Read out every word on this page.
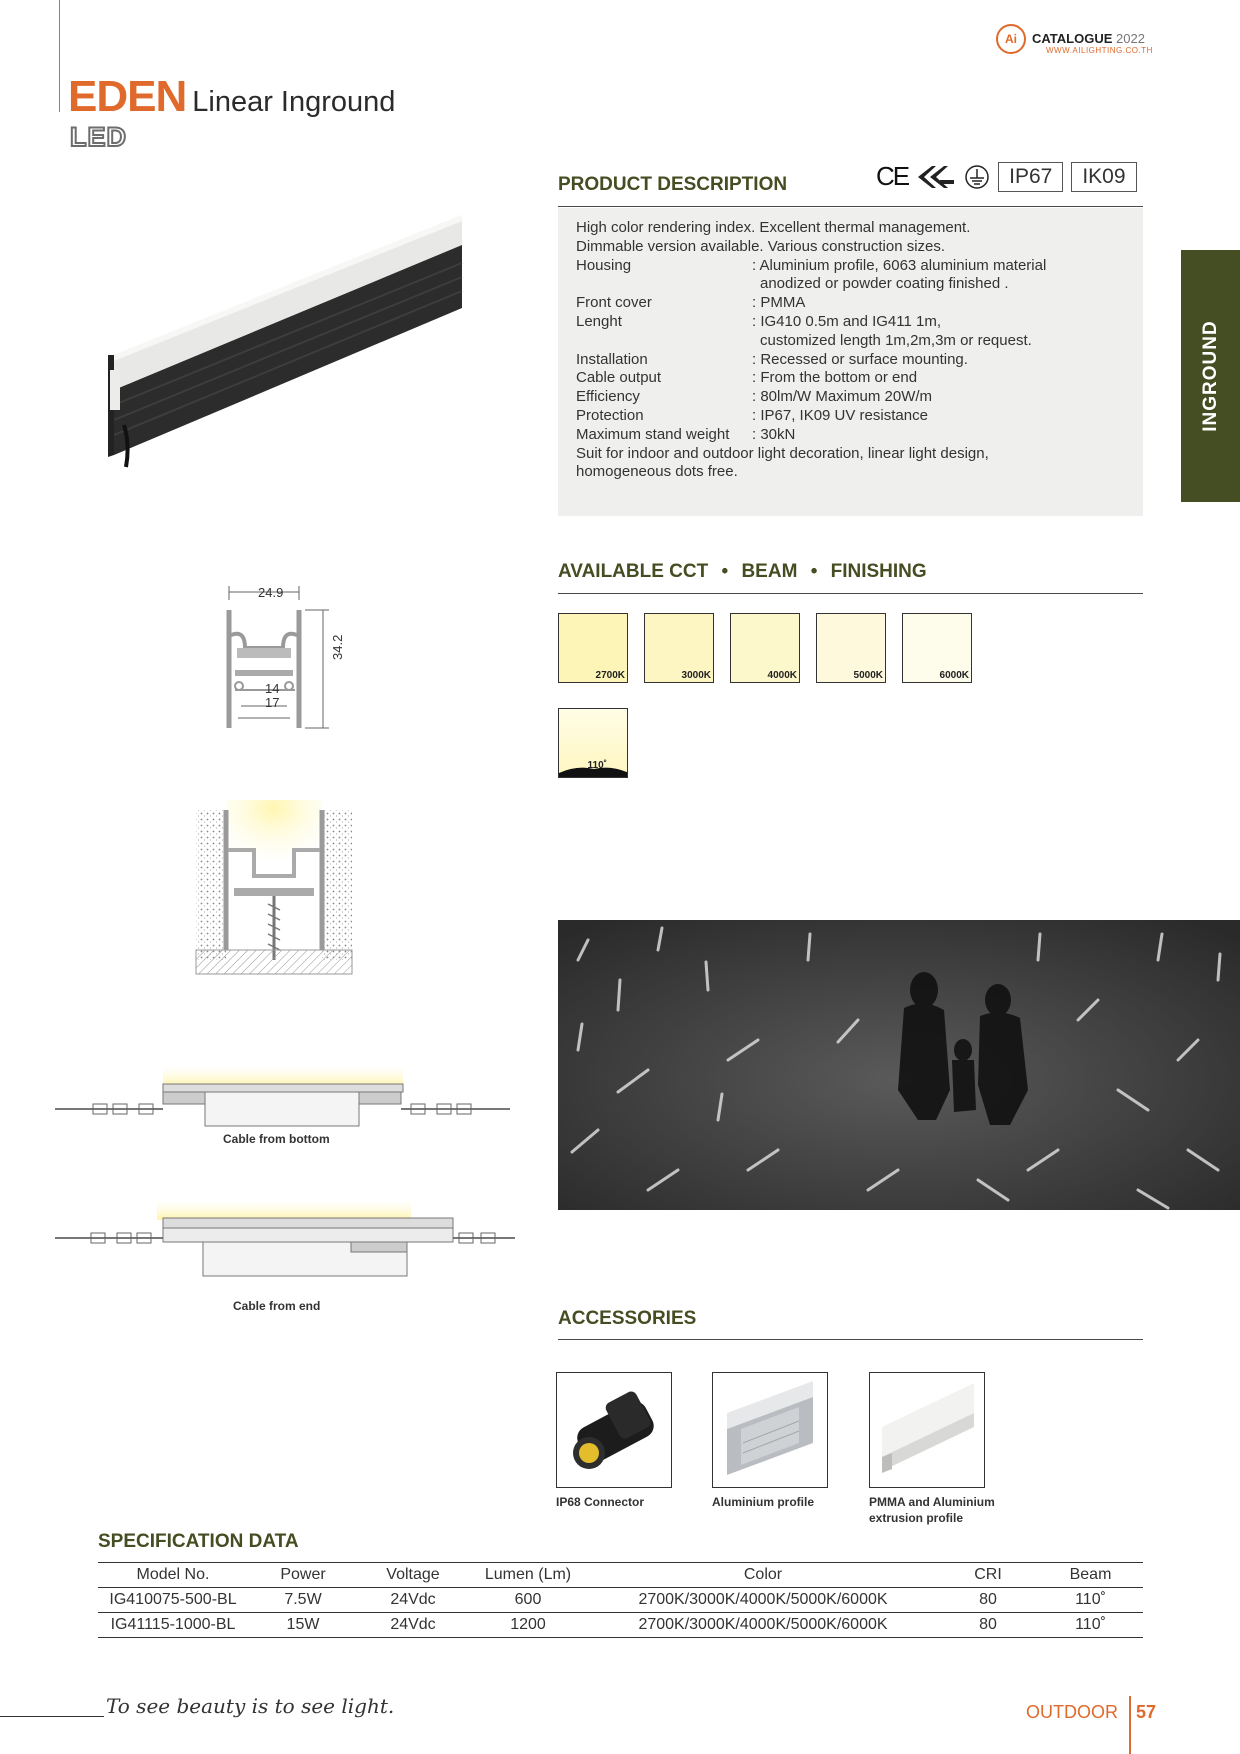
EDEN Linear Inground
LED
Ai	CATALOGUE 2022
WWW.AILIGHTING.CO.TH
INGROUND
24.9
34.2
14
17
Cable from bottom
Cable from end
PRODUCT DESCRIPTION	CE	IP67	IK09
High color rendering index. Excellent thermal management.
Dimmable version available. Various construction sizes.
Housing	: Aluminium profile, 6063 aluminium material
anodized or powder coating finished .
Front cover	: PMMA
Lenght	: IG410 0.5m and IG411 1m,
customized length 1m,2m,3m or request.
Installation	: Recessed or surface mounting.
Cable output	: From the bottom or end
Efficiency	: 80lm/W Maximum 20W/m
Protection	: IP67, IK09 UV resistance
Maximum stand weight	: 30kN
Suit for indoor and outdoor light decoration, linear light design,
homogeneous dots free.
AVAILABLE CCT • BEAM • FINISHING
2700K	3000K	4000K	5000K	6000K
110˚
ACCESSORIES
IP68 Connector	Aluminium profile	PMMA and Aluminium
extrusion profile
SPECIFICATION DATA
Model No.	Power	Voltage	Lumen (Lm)	Color	CRI	Beam
IG410075-500-BL	7.5W	24Vdc	600	2700K/3000K/4000K/5000K/6000K	80	110˚
IG41115-1000-BL	15W	24Vdc	1200	2700K/3000K/4000K/5000K/6000K	80	110˚
To see beauty is to see light.	OUTDOOR 57
